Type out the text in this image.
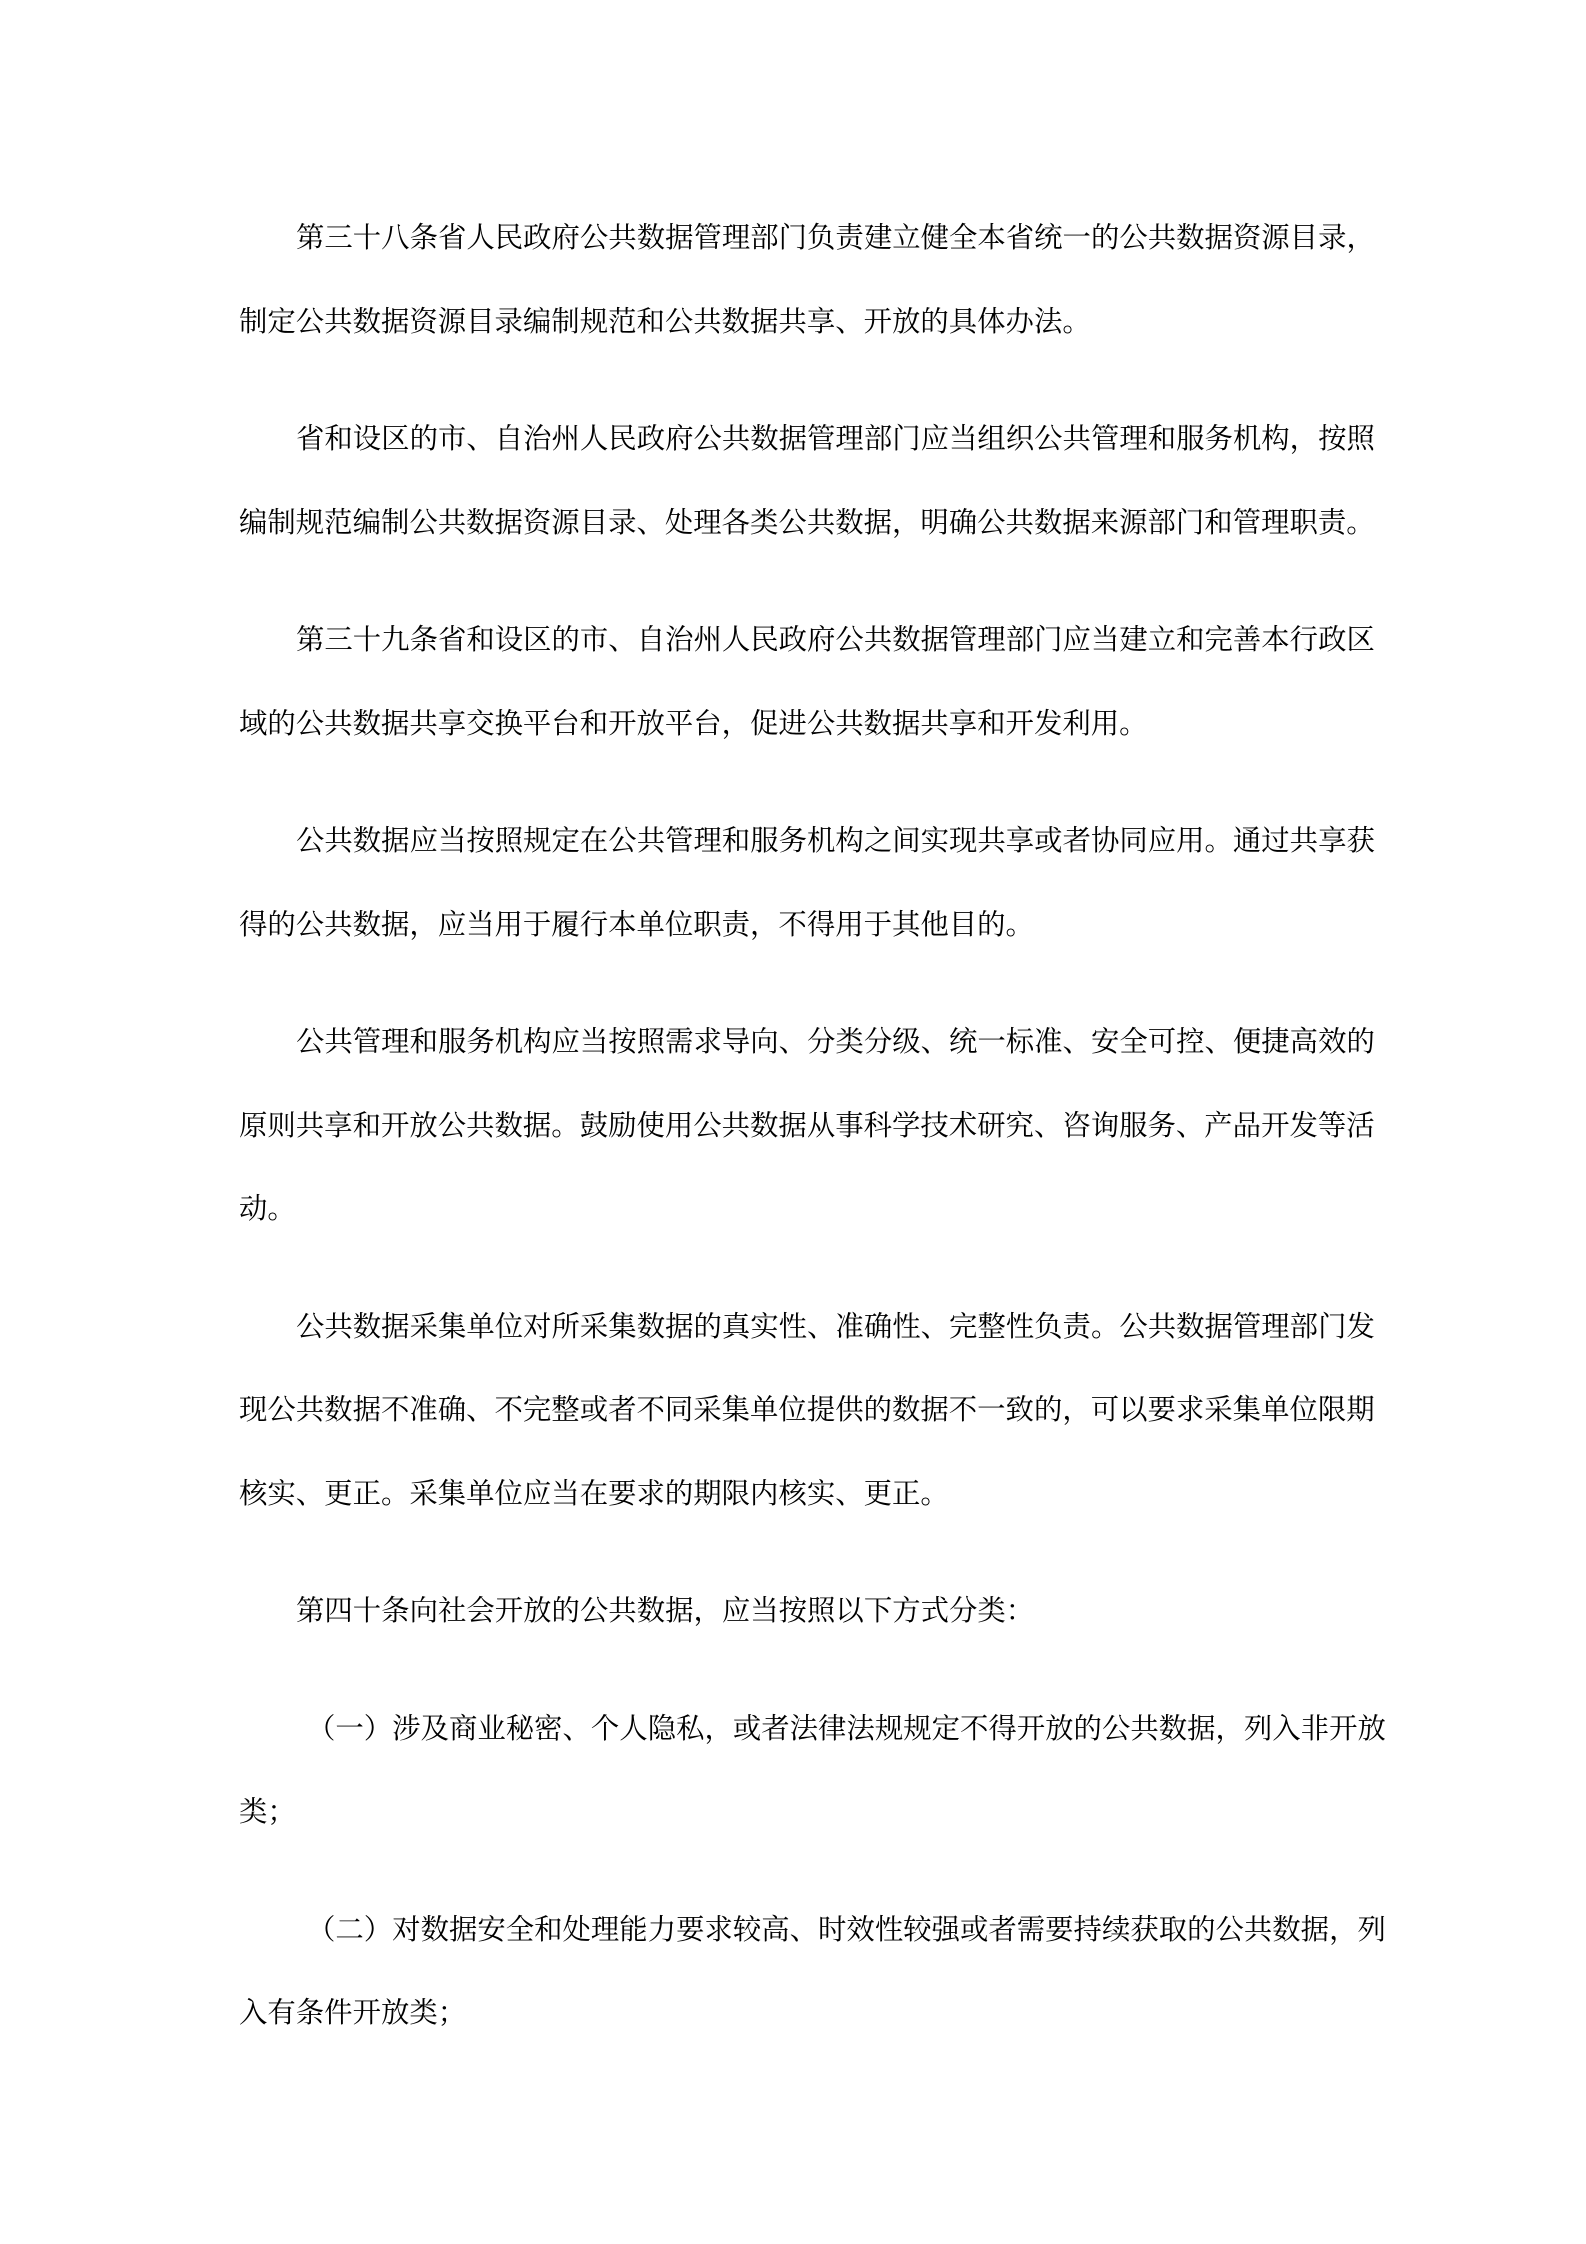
第三十八条省人民政府公共数据管理部门负责建立健全本省统一的公共数据资源目录，
制定公共数据资源目录编制规范和公共数据共享、开放的具体办法。
省和设区的市、自治州人民政府公共数据管理部门应当组织公共管理和服务机构，按照
编制规范编制公共数据资源目录、处理各类公共数据，明确公共数据来源部门和管理职责。
第三十九条省和设区的市、自治州人民政府公共数据管理部门应当建立和完善本行政区
域的公共数据共享交换平台和开放平台，促进公共数据共享和开发利用。
公共数据应当按照规定在公共管理和服务机构之间实现共享或者协同应用。通过共享获
得的公共数据，应当用于履行本单位职责，不得用于其他目的。
公共管理和服务机构应当按照需求导向、分类分级、统一标准、安全可控、便捷高效的
原则共享和开放公共数据。鼓励使用公共数据从事科学技术研究、咨询服务、产品开发等活
动。
公共数据采集单位对所采集数据的真实性、准确性、完整性负责。公共数据管理部门发
现公共数据不准确、不完整或者不同采集单位提供的数据不一致的，可以要求采集单位限期
核实、更正。采集单位应当在要求的期限内核实、更正。
第四十条向社会开放的公共数据，应当按照以下方式分类：
（一）涉及商业秘密、个人隐私，或者法律法规规定不得开放的公共数据，列入非开放
类；
（二）对数据安全和处理能力要求较高、时效性较强或者需要持续获取的公共数据，列
入有条件开放类；
